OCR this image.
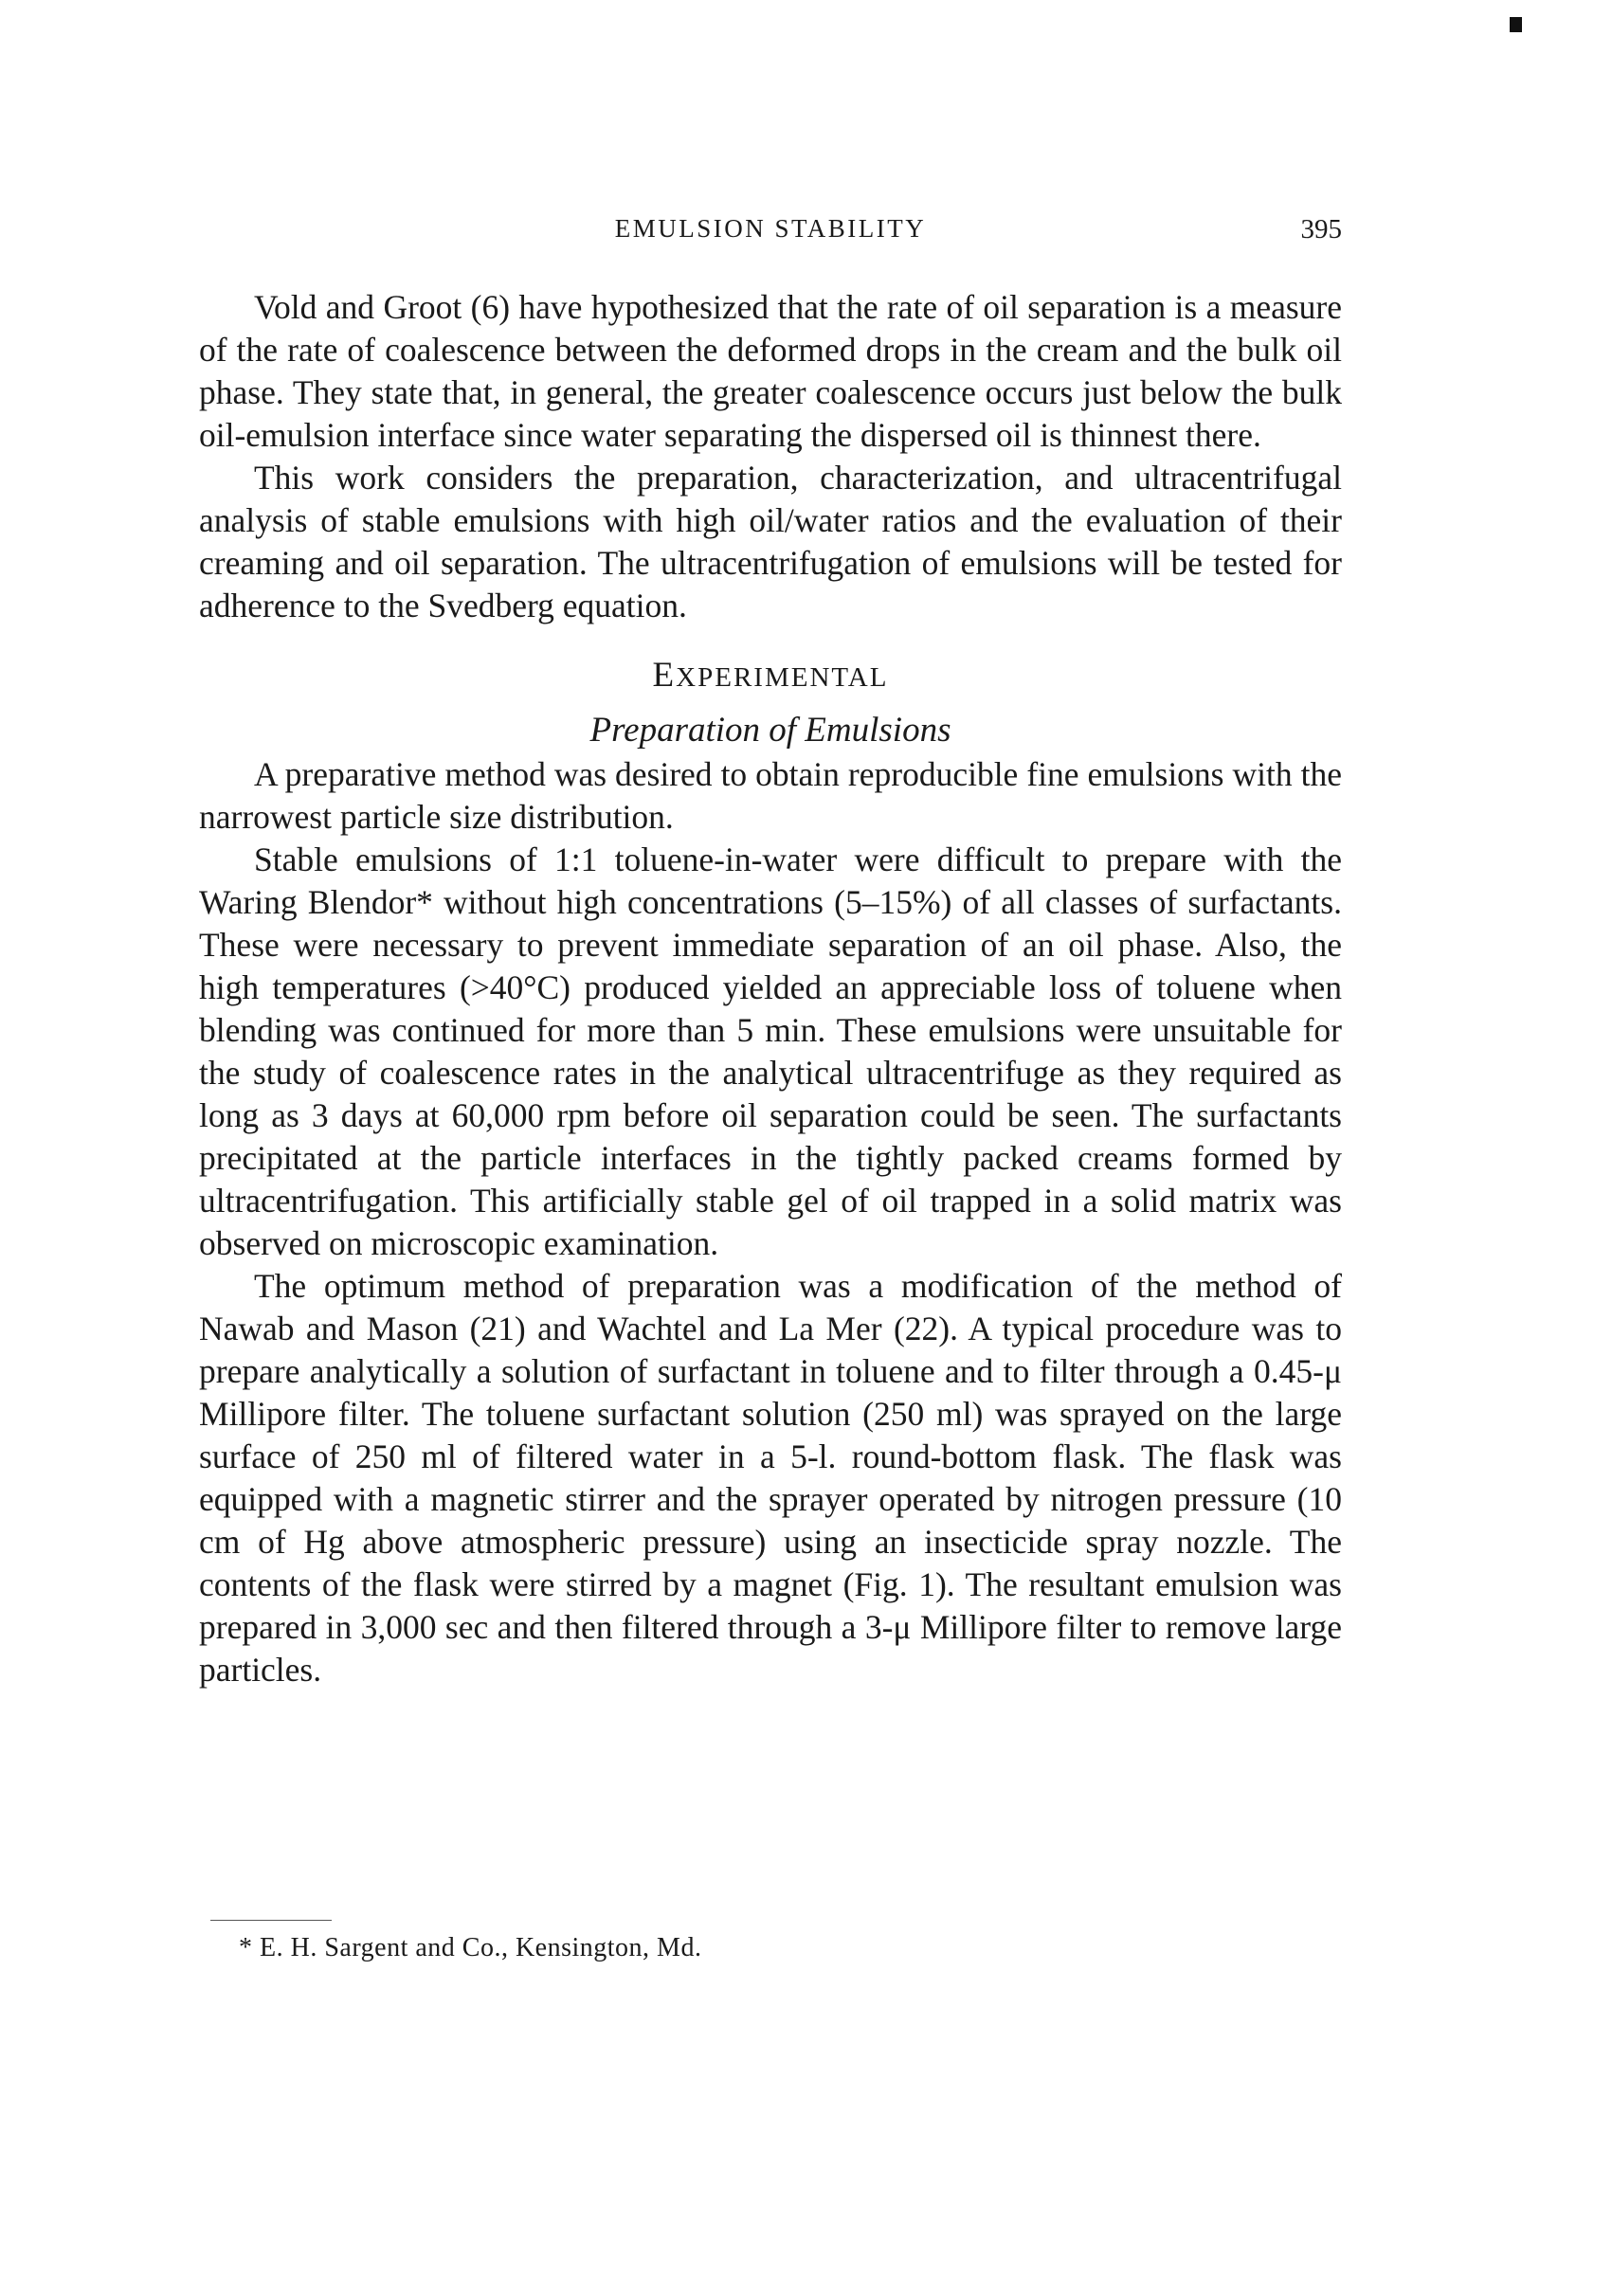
EMULSION STABILITY	395

Vold and Groot (6) have hypothesized that the rate of oil separation is a measure of the rate of coalescence between the deformed drops in the cream and the bulk oil phase. They state that, in general, the greater coalescence occurs just below the bulk oil-emulsion interface since water separating the dispersed oil is thinnest there.

This work considers the preparation, characterization, and ultracentrifugal analysis of stable emulsions with high oil/water ratios and the evaluation of their creaming and oil separation. The ultracentrifugation of emulsions will be tested for adherence to the Svedberg equation.

EXPERIMENTAL
Preparation of Emulsions

A preparative method was desired to obtain reproducible fine emulsions with the narrowest particle size distribution.

Stable emulsions of 1:1 toluene-in-water were difficult to prepare with the Waring Blendor* without high concentrations (5–15%) of all classes of surfactants. These were necessary to prevent immediate separation of an oil phase. Also, the high temperatures (>40°C) produced yielded an appreciable loss of toluene when blending was continued for more than 5 min. These emulsions were unsuitable for the study of coalescence rates in the analytical ultracentrifuge as they required as long as 3 days at 60,000 rpm before oil separation could be seen. The surfactants precipitated at the particle interfaces in the tightly packed creams formed by ultracentrifugation. This artificially stable gel of oil trapped in a solid matrix was observed on microscopic examination.

The optimum method of preparation was a modification of the method of Nawab and Mason (21) and Wachtel and La Mer (22). A typical procedure was to prepare analytically a solution of surfactant in toluene and to filter through a 0.45-μ Millipore filter. The toluene surfactant solution (250 ml) was sprayed on the large surface of 250 ml of filtered water in a 5-l. round-bottom flask. The flask was equipped with a magnetic stirrer and the sprayer operated by nitrogen pressure (10 cm of Hg above atmospheric pressure) using an insecticide spray nozzle. The contents of the flask were stirred by a magnet (Fig. 1). The resultant emulsion was prepared in 3,000 sec and then filtered through a 3-μ Millipore filter to remove large particles.

* E. H. Sargent and Co., Kensington, Md.
